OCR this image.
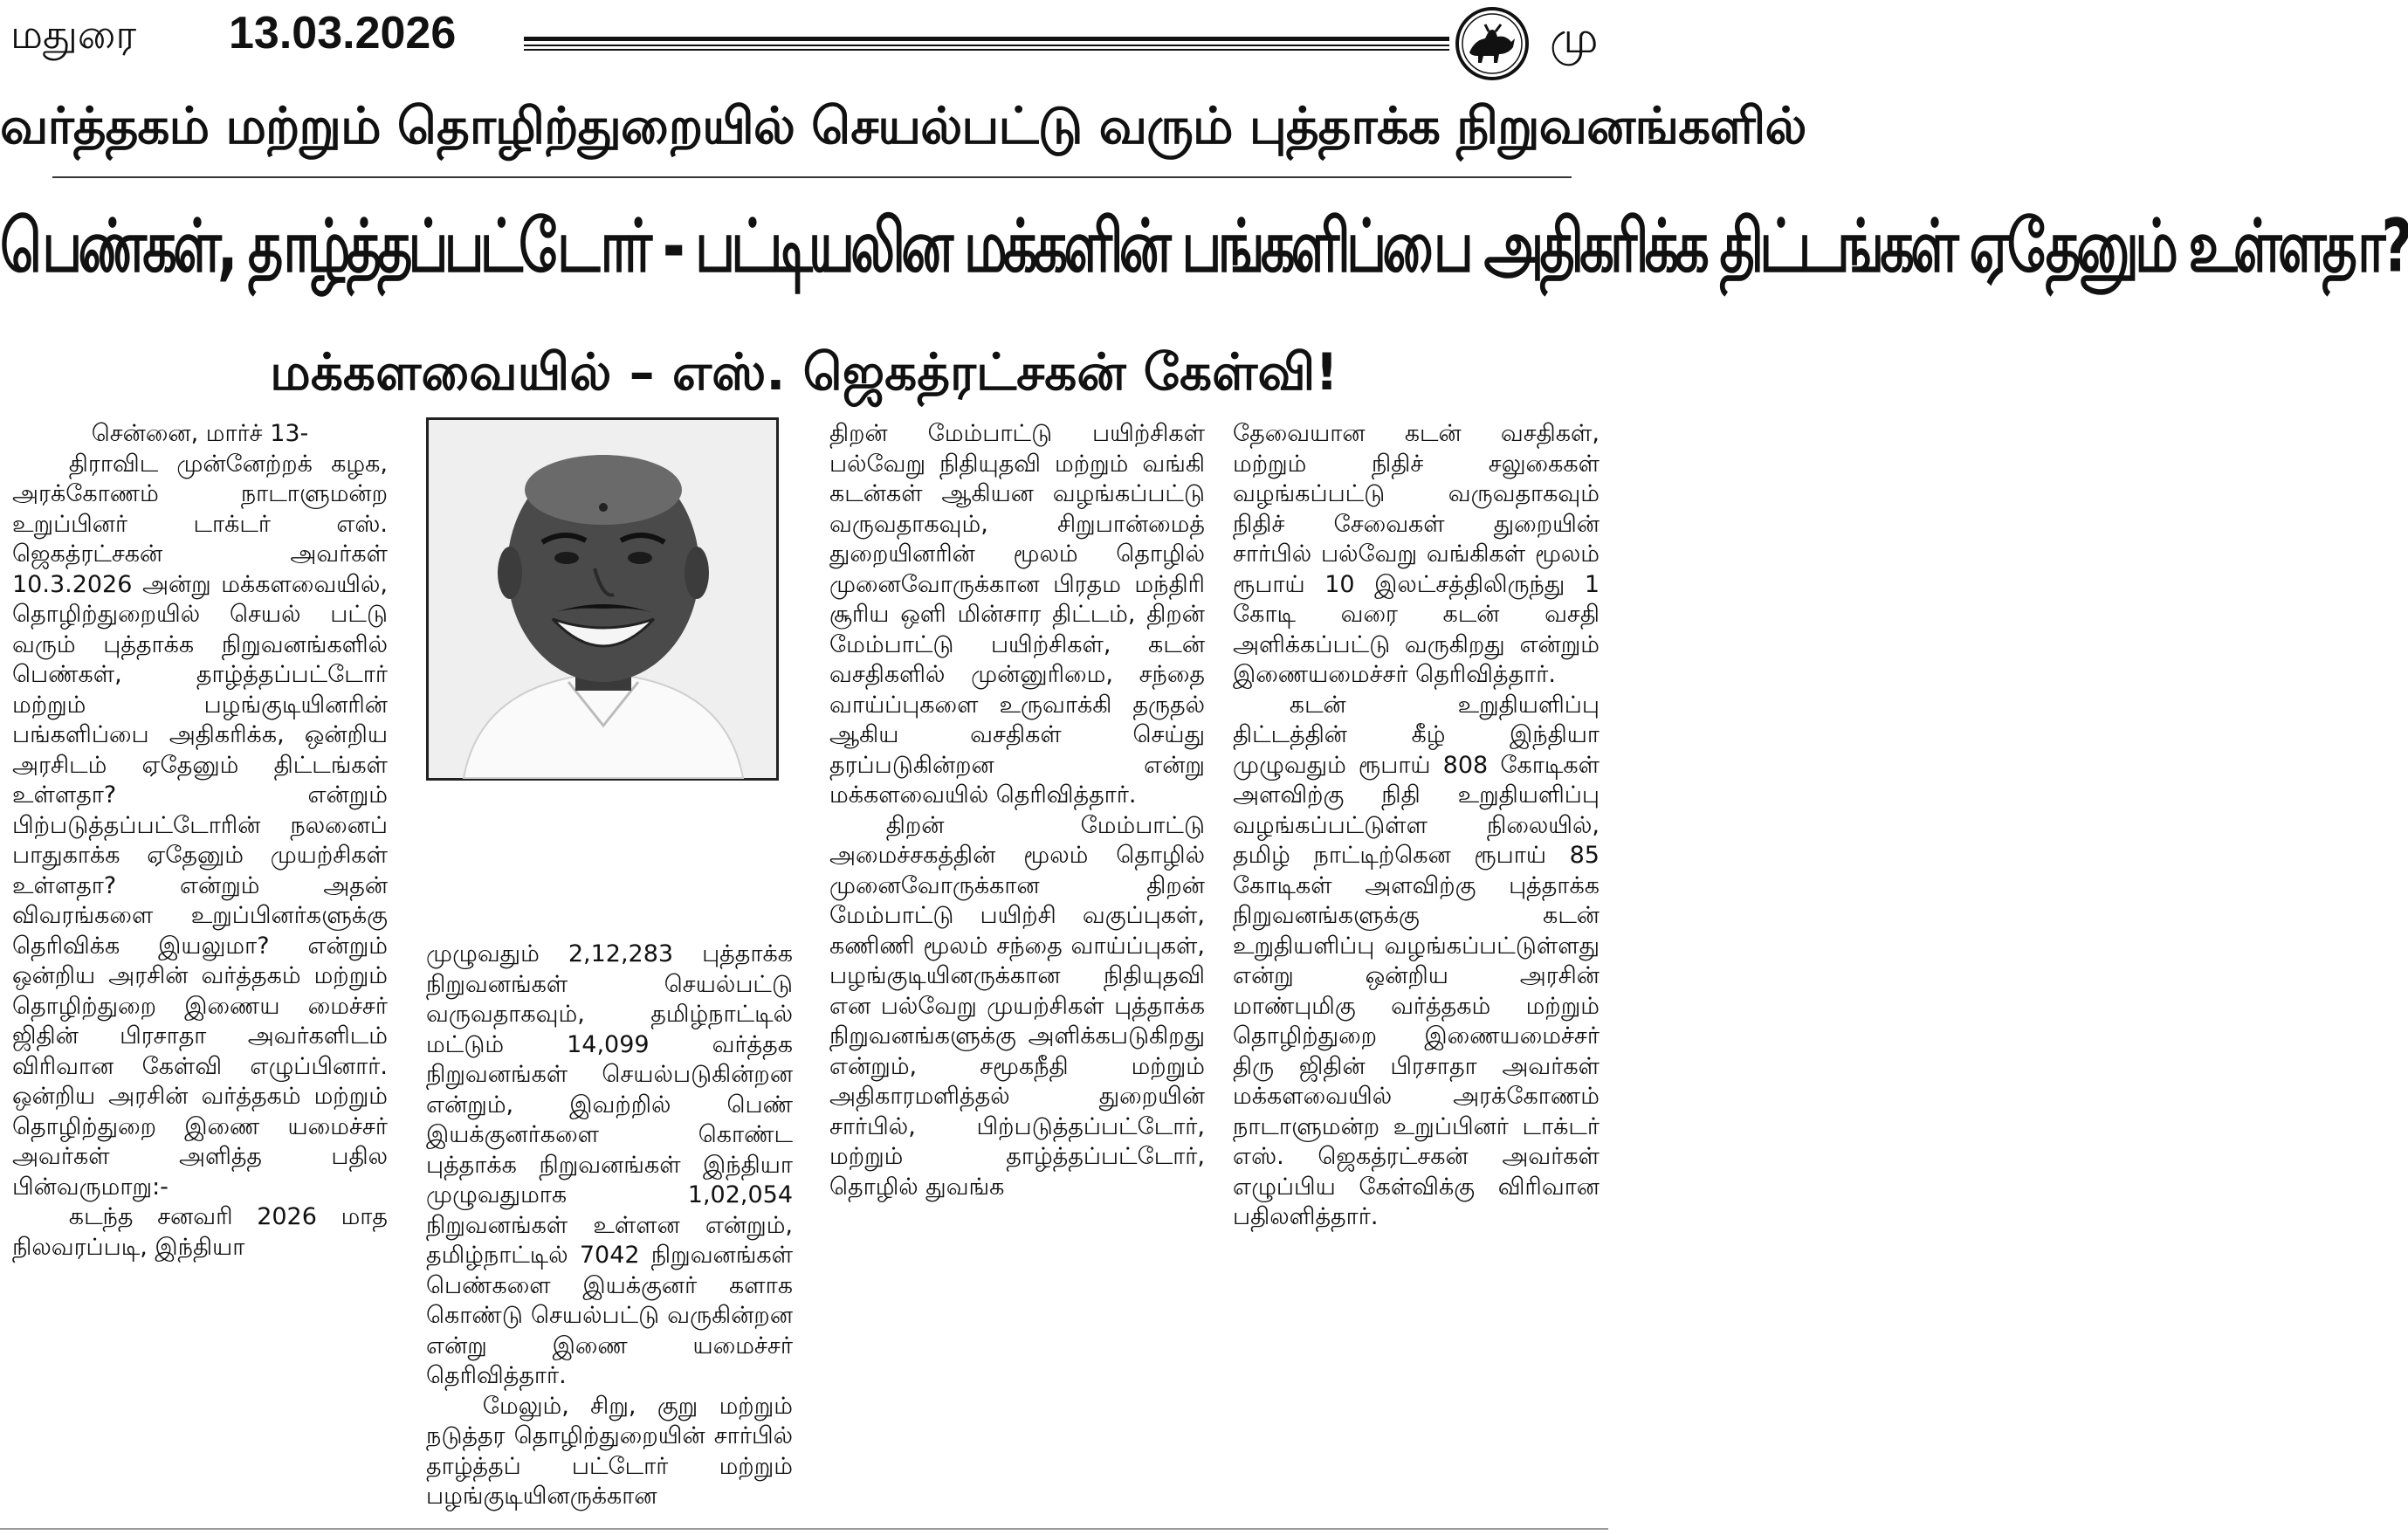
மதுரை 13.03.2026	மு
வர்த்தகம் மற்றும் தொழிற்துறையில் செயல்பட்டு வரும் புத்தாக்க நிறுவனங்களில்
பெண்கள், தாழ்த்தப்பட்டோர் - பட்டியலின மக்களின் பங்களிப்பை அதிகரிக்க திட்டங்கள் ஏதேனும் உள்ளதா?
மக்களவையில் – எஸ். ஜெகத்ரட்சகன் கேள்வி!

சென்னை, மார்ச் 13-

திராவிட முன்னேற்றக் கழக, அரக்கோணம் நாடாளுமன்ற உறுப்பினர் டாக்டர் எஸ். ஜெகத்ரட்சகன் அவர்கள் 10.3.2026 அன்று மக்களவையில், தொழிற்துறையில் செயல் பட்டு வரும் புத்தாக்க நிறுவனங்களில் பெண்கள், தாழ்த்தப்பட்டோர் மற்றும் பழங்குடியினரின் பங்களிப்பை அதிகரிக்க, ஒன்றிய அரசிடம் ஏதேனும் திட்டங்கள் உள்ளதா? என்றும் பிற்படுத்தப்பட்டோரின் நலனைப் பாதுகாக்க ஏதேனும் முயற்சிகள் உள்ளதா? என்றும் அதன் விவரங்களை உறுப்பினர்களுக்கு தெரிவிக்க இயலுமா? என்றும் ஒன்றிய அரசின் வர்த்தகம் மற்றும் தொழிற்துறை இணைய மைச்சர் ஜிதின் பிரசாதா அவர்களிடம் விரிவான கேள்வி எழுப்பினார். ஒன்றிய அரசின் வர்த்தகம் மற்றும் தொழிற்துறை இணை யமைச்சர் அவர்கள் அளித்த பதில பின்வருமாறு:-

கடந்த சனவரி 2026 மாத நிலவரப்படி, இந்தியா

முழுவதும் 2,12,283 புத்தாக்க நிறுவனங்கள் செயல்பட்டு வருவதாகவும், தமிழ்நாட்டில் மட்டும் 14,099 வர்த்தக நிறுவனங்கள் செயல்படுகின்றன என்றும், இவற்றில் பெண் இயக்குனர்களை கொண்ட புத்தாக்க நிறுவனங்கள் இந்தியா முழுவதுமாக 1,02,054 நிறுவனங்கள் உள்ளன என்றும், தமிழ்நாட்டில் 7042 நிறுவனங்கள் பெண்களை இயக்குனர் களாக கொண்டு செயல்பட்டு வருகின்றன என்று இணை யமைச்சர் தெரிவித்தார்.

மேலும், சிறு, குறு மற்றும் நடுத்தர தொழிற்துறையின் சார்பில் தாழ்த்தப் பட்டோர் மற்றும் பழங்குடியினருக்கான

திறன் மேம்பாட்டு பயிற்சிகள் பல்வேறு நிதியுதவி மற்றும் வங்கி கடன்கள் ஆகியன வழங்கப்பட்டு வருவதாகவும், சிறுபான்மைத் துறையினரின் மூலம் தொழில் முனைவோருக்கான பிரதம மந்திரி சூரிய ஒளி மின்சார திட்டம், திறன் மேம்பாட்டு பயிற்சிகள், கடன் வசதிகளில் முன்னுரிமை, சந்தை வாய்ப்புகளை உருவாக்கி தருதல் ஆகிய வசதிகள் செய்து தரப்படுகின்றன என்று மக்களவையில் தெரிவித்தார்.

திறன் மேம்பாட்டு அமைச்சகத்தின் மூலம் தொழில் முனைவோருக்கான திறன் மேம்பாட்டு பயிற்சி வகுப்புகள், கணிணி மூலம் சந்தை வாய்ப்புகள், பழங்குடியினருக்கான நிதியுதவி என பல்வேறு முயற்சிகள் புத்தாக்க நிறுவனங்களுக்கு அளிக்கபடுகிறது என்றும், சமூகநீதி மற்றும் அதிகாரமளித்தல் துறையின் சார்பில், பிற்படுத்தப்பட்டோர், மற்றும் தாழ்த்தப்பட்டோர், தொழில் துவங்க

தேவையான கடன் வசதிகள், மற்றும் நிதிச் சலுகைகள் வழங்கப்பட்டு வருவதாகவும் நிதிச் சேவைகள் துறையின் சார்பில் பல்வேறு வங்கிகள் மூலம் ரூபாய் 10 இலட்சத்திலிருந்து 1 கோடி வரை கடன் வசதி அளிக்கப்பட்டு வருகிறது என்றும் இணையமைச்சர் தெரிவித்தார்.

கடன் உறுதியளிப்பு திட்டத்தின் கீழ் இந்தியா முழுவதும் ரூபாய் 808 கோடிகள் அளவிற்கு நிதி உறுதியளிப்பு வழங்கப்பட்டுள்ள நிலையில், தமிழ் நாட்டிற்கென ரூபாய் 85 கோடிகள் அளவிற்கு புத்தாக்க நிறுவனங்களுக்கு கடன் உறுதியளிப்பு வழங்கப்பட்டுள்ளது என்று ஒன்றிய அரசின் மாண்புமிகு வர்த்தகம் மற்றும் தொழிற்துறை இணையமைச்சர் திரு ஜிதின் பிரசாதா அவர்கள் மக்களவையில் அரக்கோணம் நாடாளுமன்ற உறுப்பினர் டாக்டர் எஸ். ஜெகத்ரட்சகன் அவர்கள் எழுப்பிய கேள்விக்கு விரிவான பதிலளித்தார்.
